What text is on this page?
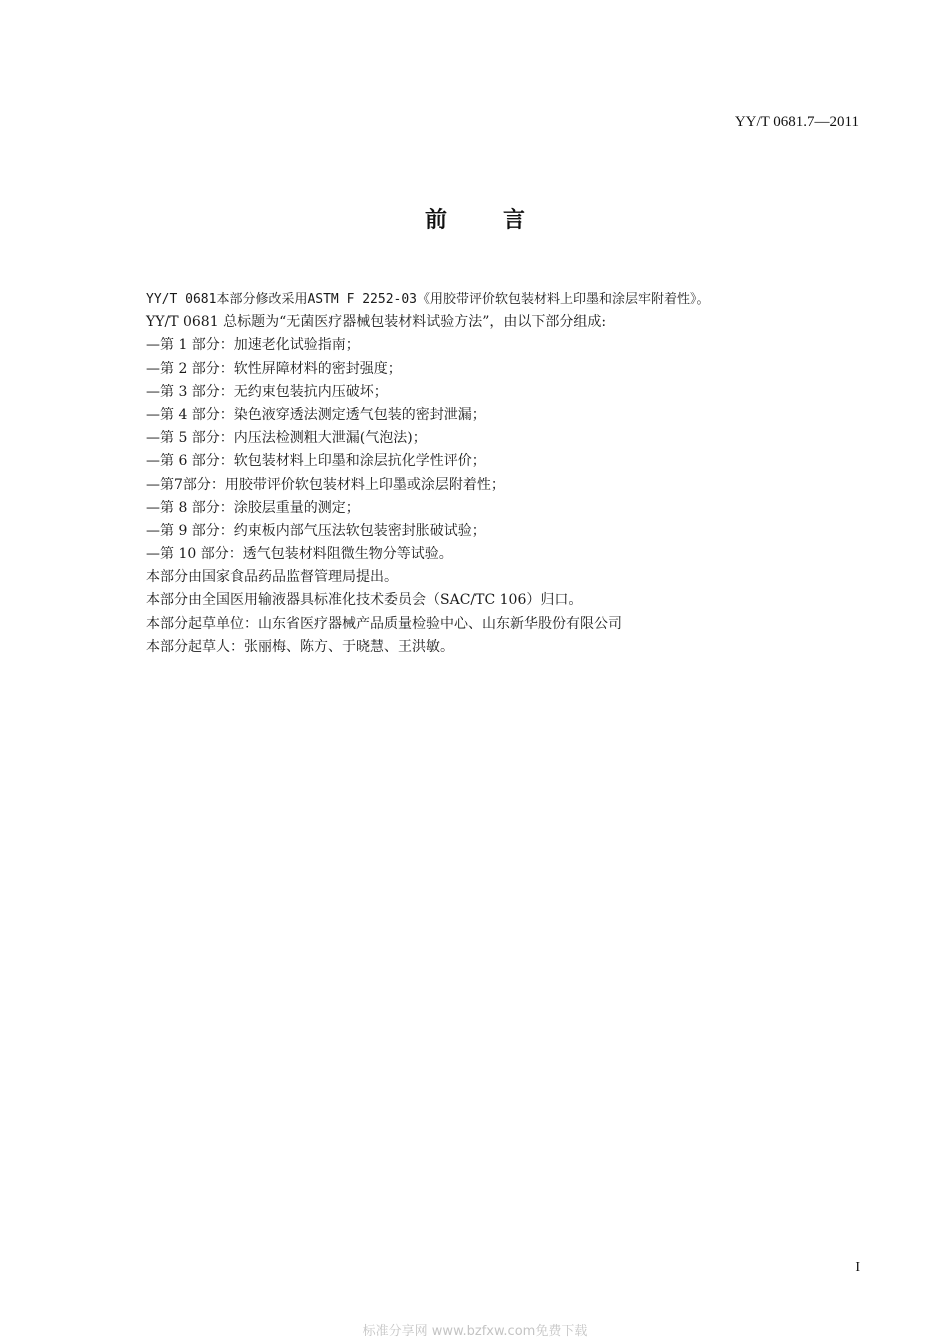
YY/T 0681.7—2011
前	言
YY/T 0681本部分修改采用ASTM F 2252-03《用胶带评价软包装材料上印墨和涂层牢附着性》。
YY/T 0681 总标题为“无菌医疗器械包装材料试验方法”，由以下部分组成:
—第 1 部分：加速老化试验指南；
—第 2 部分：软性屏障材料的密封强度；
—第 3 部分：无约束包装抗内压破坏；
—第 4 部分：染色液穿透法测定透气包装的密封泄漏；
—第 5 部分：内压法检测粗大泄漏(气泡法)；
—第 6 部分：软包装材料上印墨和涂层抗化学性评价；
—第7部分：用胶带评价软包装材料上印墨或涂层附着性；
—第 8 部分：涂胶层重量的测定；
—第 9 部分：约束板内部气压法软包装密封胀破试验；
—第 10 部分：透气包装材料阻微生物分等试验。
本部分由国家食品药品监督管理局提出。
本部分由全国医用输液器具标准化技术委员会（SAC/TC 106）归口。
本部分起草单位：山东省医疗器械产品质量检验中心、山东新华股份有限公司
本部分起草人：张丽梅、陈方、于晓慧、王洪敏。
I
标准分享网 www.bzfxw.com免费下载
